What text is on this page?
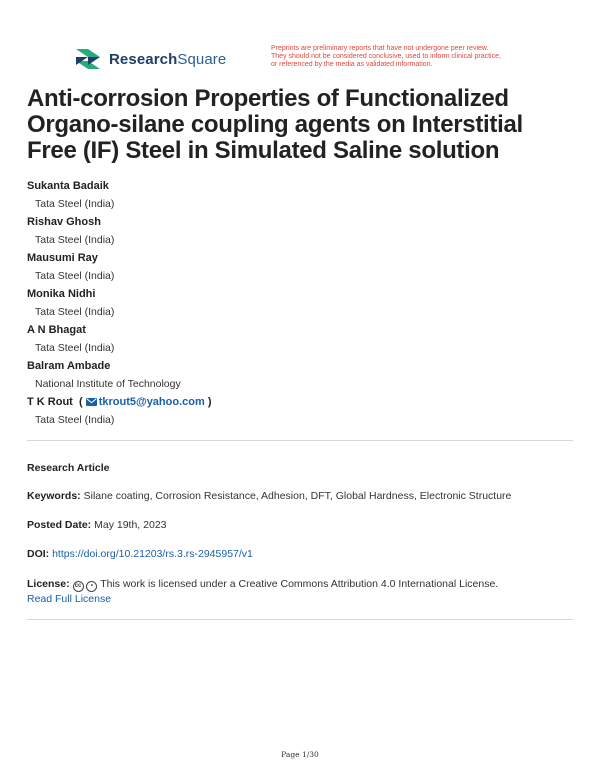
ResearchSquare
Preprints are preliminary reports that have not undergone peer review.
They should not be considered conclusive, used to inform clinical practice,
or referenced by the media as validated information.
Anti-corrosion Properties of Functionalized Organo-silane coupling agents on Interstitial Free (IF) Steel in Simulated Saline solution
Sukanta Badaik
Tata Steel (India)
Rishav Ghosh
Tata Steel (India)
Mausumi Ray
Tata Steel (India)
Monika Nidhi
Tata Steel (India)
A N Bhagat
Tata Steel (India)
Balram Ambade
National Institute of Technology
T K Rout  ( tkrout5@yahoo.com )
Tata Steel (India)
Research Article
Keywords: Silane coating, Corrosion Resistance, Adhesion, DFT, Global Hardness, Electronic Structure
Posted Date: May 19th, 2023
DOI: https://doi.org/10.21203/rs.3.rs-2945957/v1
License: cc • This work is licensed under a Creative Commons Attribution 4.0 International License.
Read Full License
Page 1/30
